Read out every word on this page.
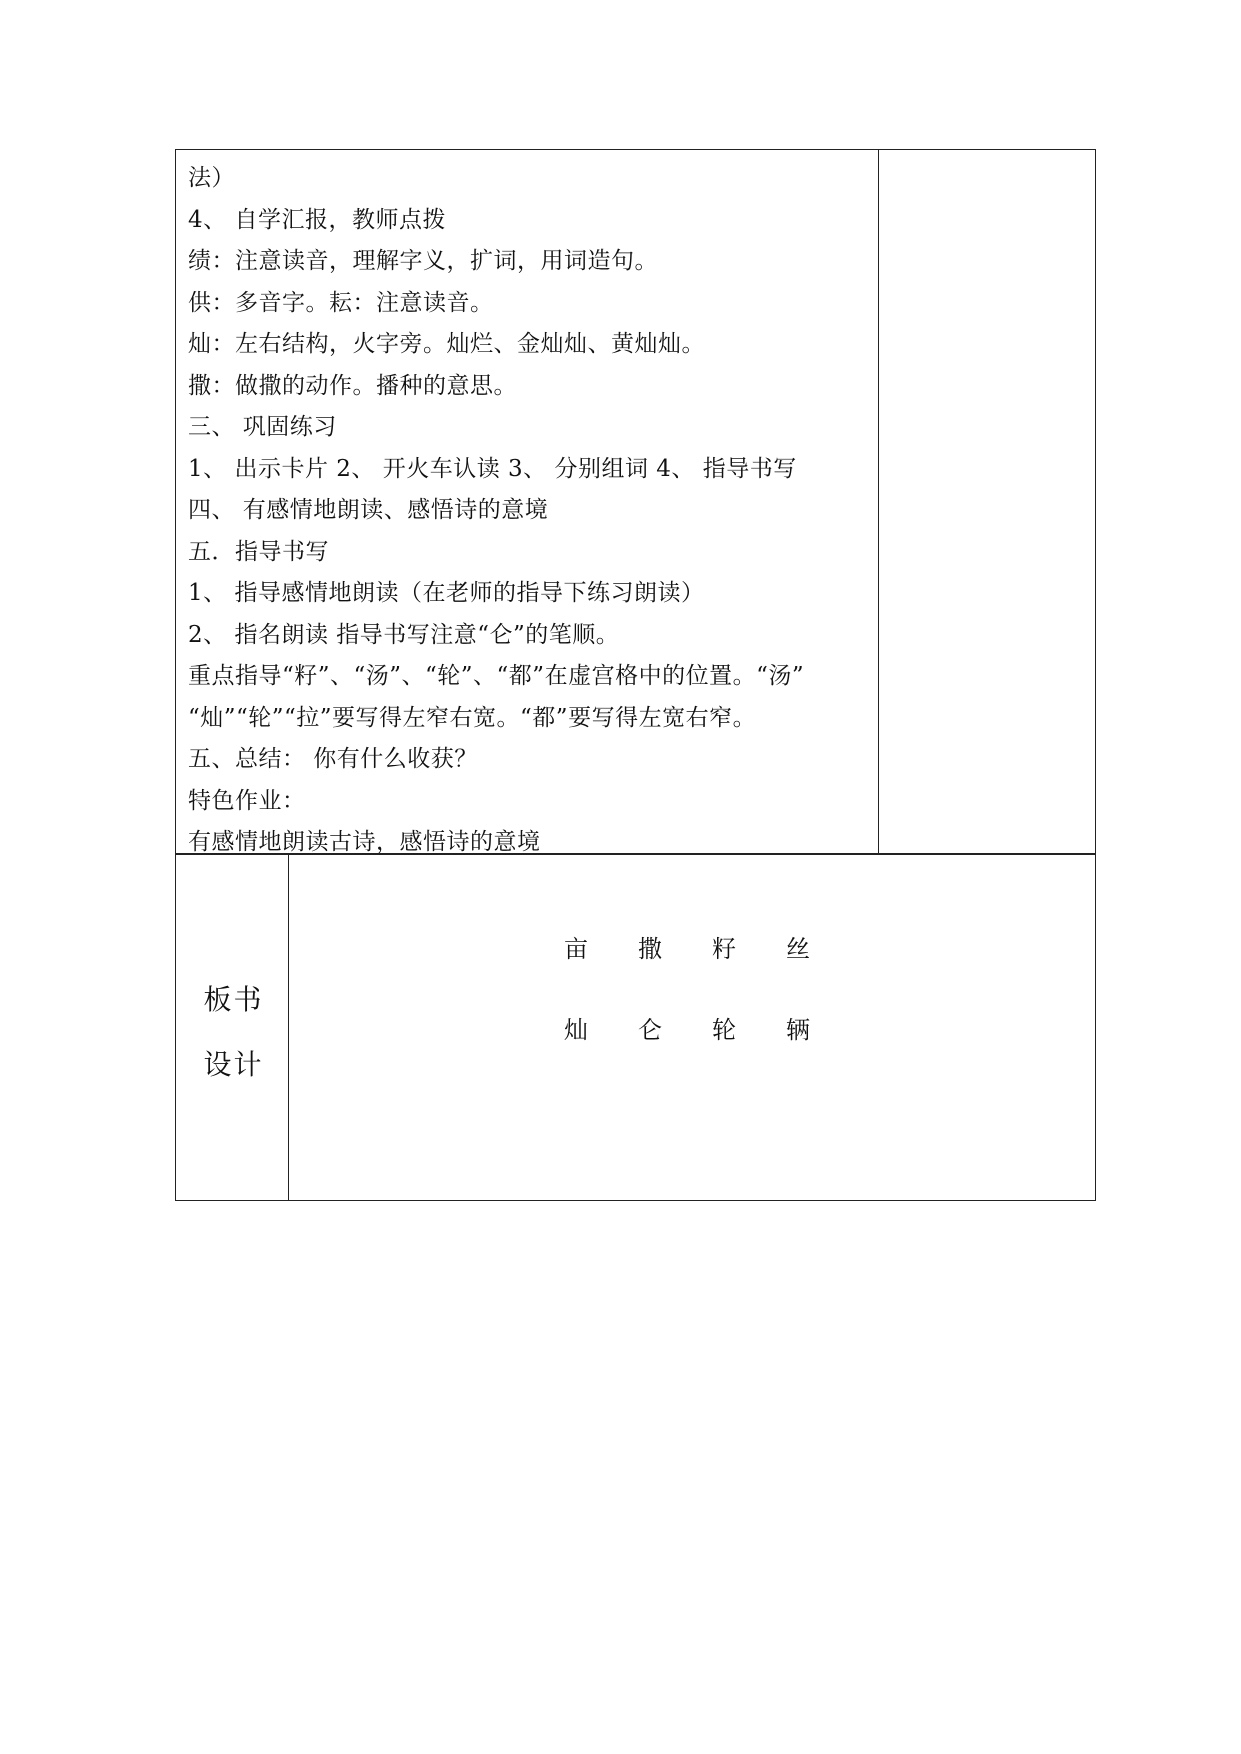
法）
4、 自学汇报，教师点拨
绩：注意读音，理解字义，扩词，用词造句。
供：多音字。耘：注意读音。
灿：左右结构，火字旁。灿烂、金灿灿、黄灿灿。
撒：做撒的动作。播种的意思。
三、 巩固练习
1、 出示卡片 2、 开火车认读 3、 分别组词 4、 指导书写
四、 有感情地朗读、感悟诗的意境
五．指导书写
1、 指导感情地朗读（在老师的指导下练习朗读）
2、 指名朗读 指导书写注意“仑”的笔顺。
重点指导“籽”、“汤”、“轮”、“都”在虚宫格中的位置。“汤”
“灿”“轮”“拉”要写得左窄右宽。“都”要写得左宽右窄。
五、总结： 你有什么收获？
特色作业：
有感情地朗读古诗，感悟诗的意境
板书
设计
亩 撒 籽 丝
灿 仑 轮 辆
